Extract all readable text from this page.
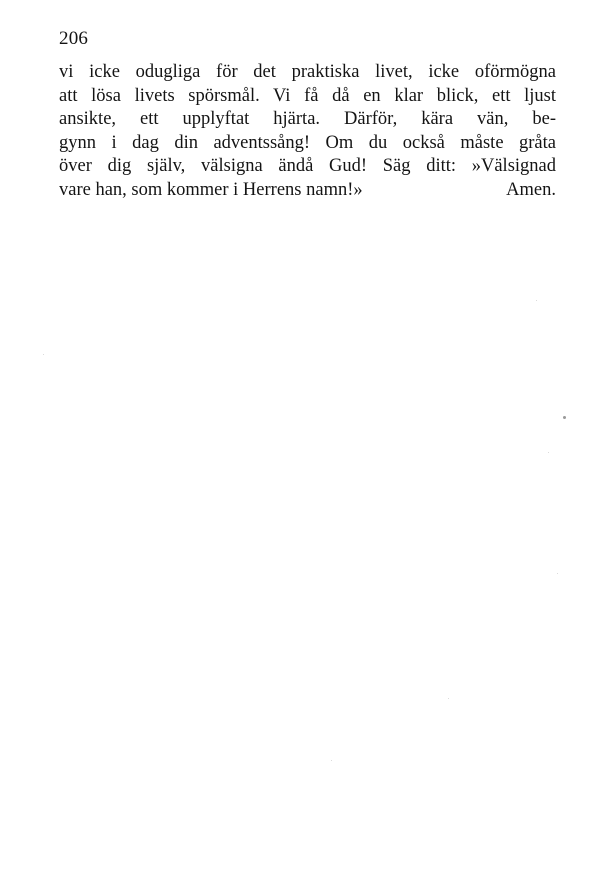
206
vi icke odugliga för det praktiska livet, icke oförmögna
att lösa livets spörsmål. Vi få då en klar blick, ett ljust
ansikte, ett upplyftat hjärta. Därför, kära vän, be-
gynn i dag din adventssång! Om du också måste gråta
över dig själv, välsigna ändå Gud! Säg ditt: »Välsignad
vare han, som kommer i Herrens namn!»	Amen.
